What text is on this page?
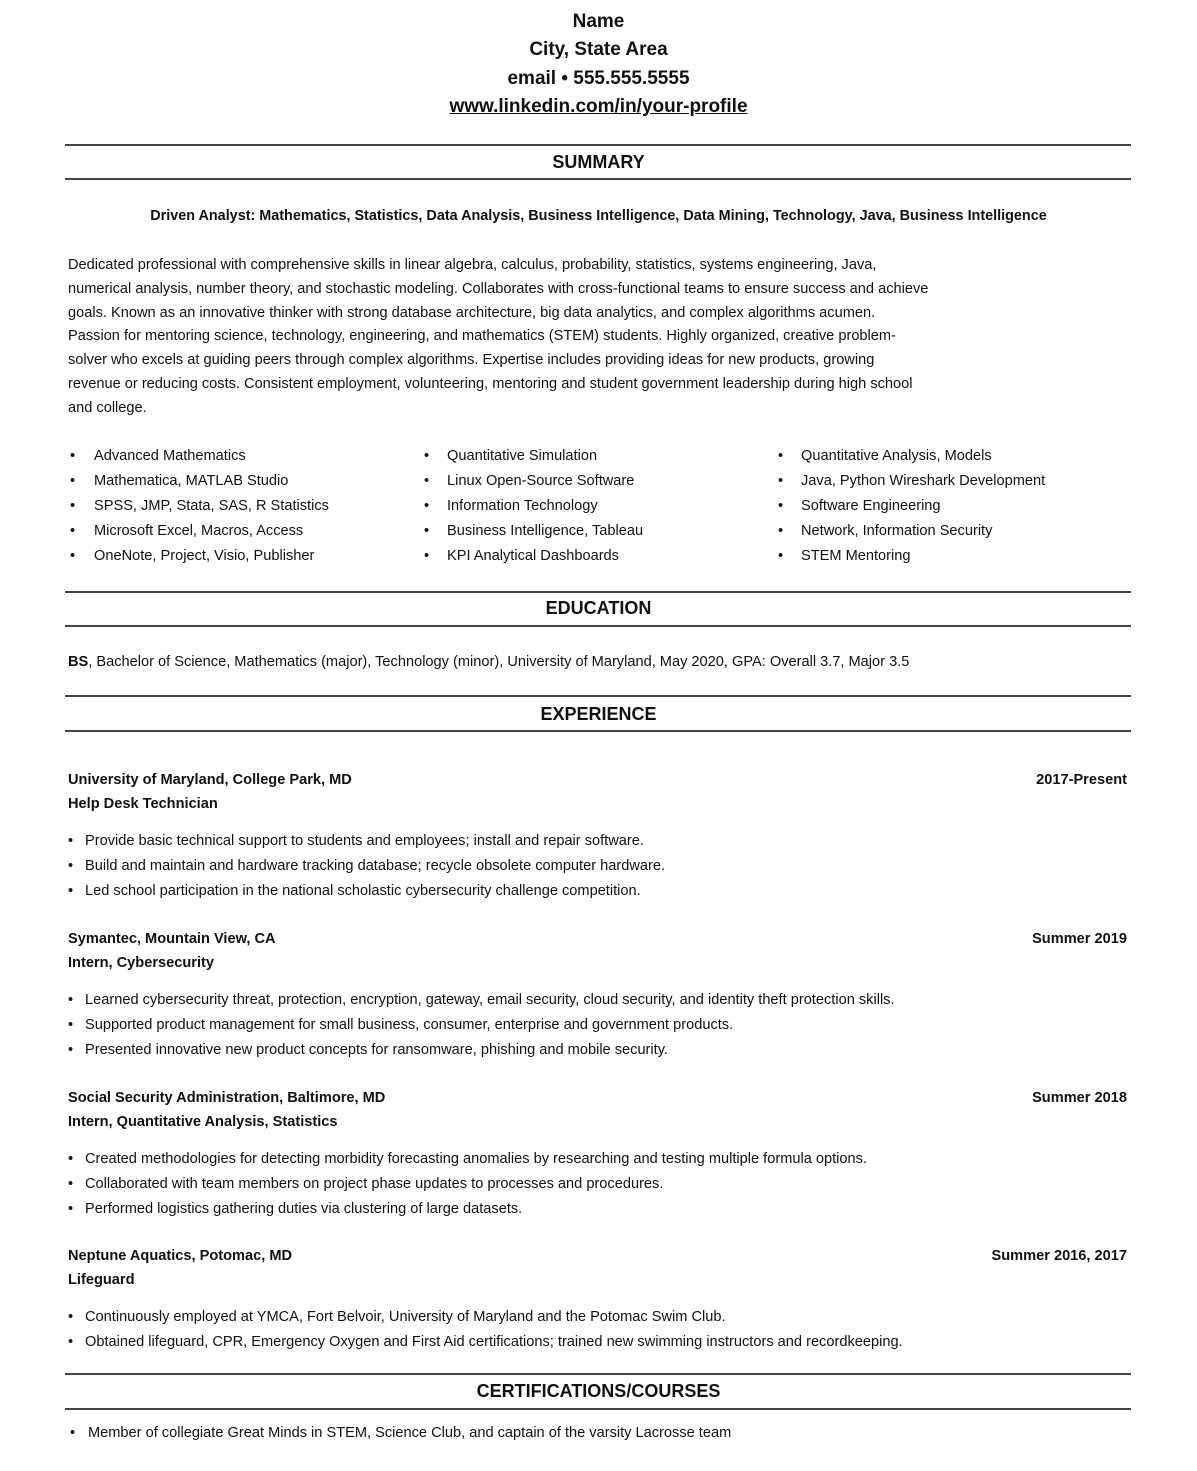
Name
City, State Area
email • 555.555.5555
www.linkedin.com/in/your-profile
SUMMARY
Driven Analyst: Mathematics, Statistics, Data Analysis, Business Intelligence, Data Mining, Technology, Java, Business Intelligence
Dedicated professional with comprehensive skills in linear algebra, calculus, probability, statistics, systems engineering, Java,
numerical analysis, number theory, and stochastic modeling. Collaborates with cross-functional teams to ensure success and achieve
goals. Known as an innovative thinker with strong database architecture, big data analytics, and complex algorithms acumen.
Passion for mentoring science, technology, engineering, and mathematics (STEM) students. Highly organized, creative problem-
solver who excels at guiding peers through complex algorithms. Expertise includes providing ideas for new products, growing
revenue or reducing costs. Consistent employment, volunteering, mentoring and student government leadership during high school
and college.
• Advanced Mathematics
• Mathematica, MATLAB Studio
• SPSS, JMP, Stata, SAS, R Statistics
• Microsoft Excel, Macros, Access
• OneNote, Project, Visio, Publisher
• Quantitative Simulation
• Linux Open-Source Software
• Information Technology
• Business Intelligence, Tableau
• KPI Analytical Dashboards
• Quantitative Analysis, Models
• Java, Python Wireshark Development
• Software Engineering
• Network, Information Security
• STEM Mentoring
EDUCATION
BS, Bachelor of Science, Mathematics (major), Technology (minor), University of Maryland, May 2020, GPA: Overall 3.7, Major 3.5
EXPERIENCE
University of Maryland, College Park, MD	2017-Present
Help Desk Technician
• Provide basic technical support to students and employees; install and repair software.
• Build and maintain and hardware tracking database; recycle obsolete computer hardware.
• Led school participation in the national scholastic cybersecurity challenge competition.
Symantec, Mountain View, CA	Summer 2019
Intern, Cybersecurity
• Learned cybersecurity threat, protection, encryption, gateway, email security, cloud security, and identity theft protection skills.
• Supported product management for small business, consumer, enterprise and government products.
• Presented innovative new product concepts for ransomware, phishing and mobile security.
Social Security Administration, Baltimore, MD	Summer 2018
Intern, Quantitative Analysis, Statistics
• Created methodologies for detecting morbidity forecasting anomalies by researching and testing multiple formula options.
• Collaborated with team members on project phase updates to processes and procedures.
• Performed logistics gathering duties via clustering of large datasets.
Neptune Aquatics, Potomac, MD	Summer 2016, 2017
Lifeguard
• Continuously employed at YMCA, Fort Belvoir, University of Maryland and the Potomac Swim Club.
• Obtained lifeguard, CPR, Emergency Oxygen and First Aid certifications; trained new swimming instructors and recordkeeping.
CERTIFICATIONS/COURSES
• Member of collegiate Great Minds in STEM, Science Club, and captain of the varsity Lacrosse team
